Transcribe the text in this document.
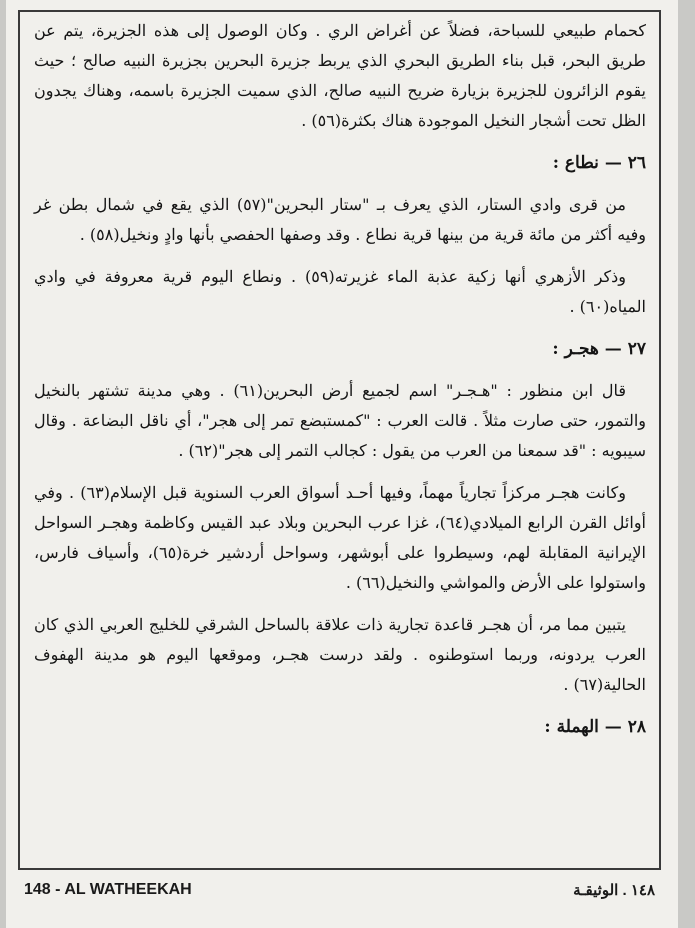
كحمام طبيعي للسباحة، فضلاً عن أغراض الري . وكان الوصول إلى هذه الجزيرة، يتم عن طريق البحر، قبل بناء الطريق البحري الذي يربط جزيرة البحرين بجزيرة النبيه صالح ؛ حيث يقوم الزائرون للجزيرة بزيارة ضريح النبيه صالح، الذي سميت الجزيرة باسمه، وهناك يجدون الظل تحت أشجار النخيل الموجودة هناك بكثرة(٥٦) .

٢٦ — نطاع :

من قرى وادي الستار، الذي يعرف بـ "ستار البحرين"(٥٧) الذي يقع في شمال بطن غر وفيه أكثر من مائة قرية من بينها قرية نطاع . وقد وصفها الحفصي بأنها وادٍ ونخيل(٥٨) .

وذكر الأزهري أنها زكية عذبة الماء غزيرته(٥٩) . ونطاع اليوم قرية معروفة في وادي المياه(٦٠) .

٢٧ — هجـر :

قال ابن منظور : "هـجـر" اسم لجميع أرض البحرين(٦١) . وهي مدينة تشتهر بالنخيل والتمور، حتى صارت مثلاً . قالت العرب : "كمستبضع تمر إلى هجر"، أي ناقل البضاعة . وقال سيبويه : "قد سمعنا من العرب من يقول : كجالب التمر إلى هجر"(٦٢) .

وكانت هجـر مركزاً تجارياً مهماً، وفيها أحـد أسواق العرب السنوية قبل الإسلام(٦٣) . وفي أوائل القرن الرابع الميلادي(٦٤)، غزا عرب البحرين وبلاد عبد القيس وكاظمة وهجـر السواحل الإيرانية المقابلة لهم، وسيطروا على أبوشهر، وسواحل أردشير خرة(٦٥)، وأسياف فارس، واستولوا على الأرض والمواشي والنخيل(٦٦) .

يتبين مما مر، أن هجـر قاعدة تجارية ذات علاقة بالساحل الشرقي للخليج العربي الذي كان العرب يردونه، وربما استوطنوه . ولقد درست هجـر، وموقعها اليوم هو مدينة الهفوف الحالية(٦٧) .

٢٨ — الهملة :
148 - AL WATHEEKAH	١٤٨ . الوثيقـة
